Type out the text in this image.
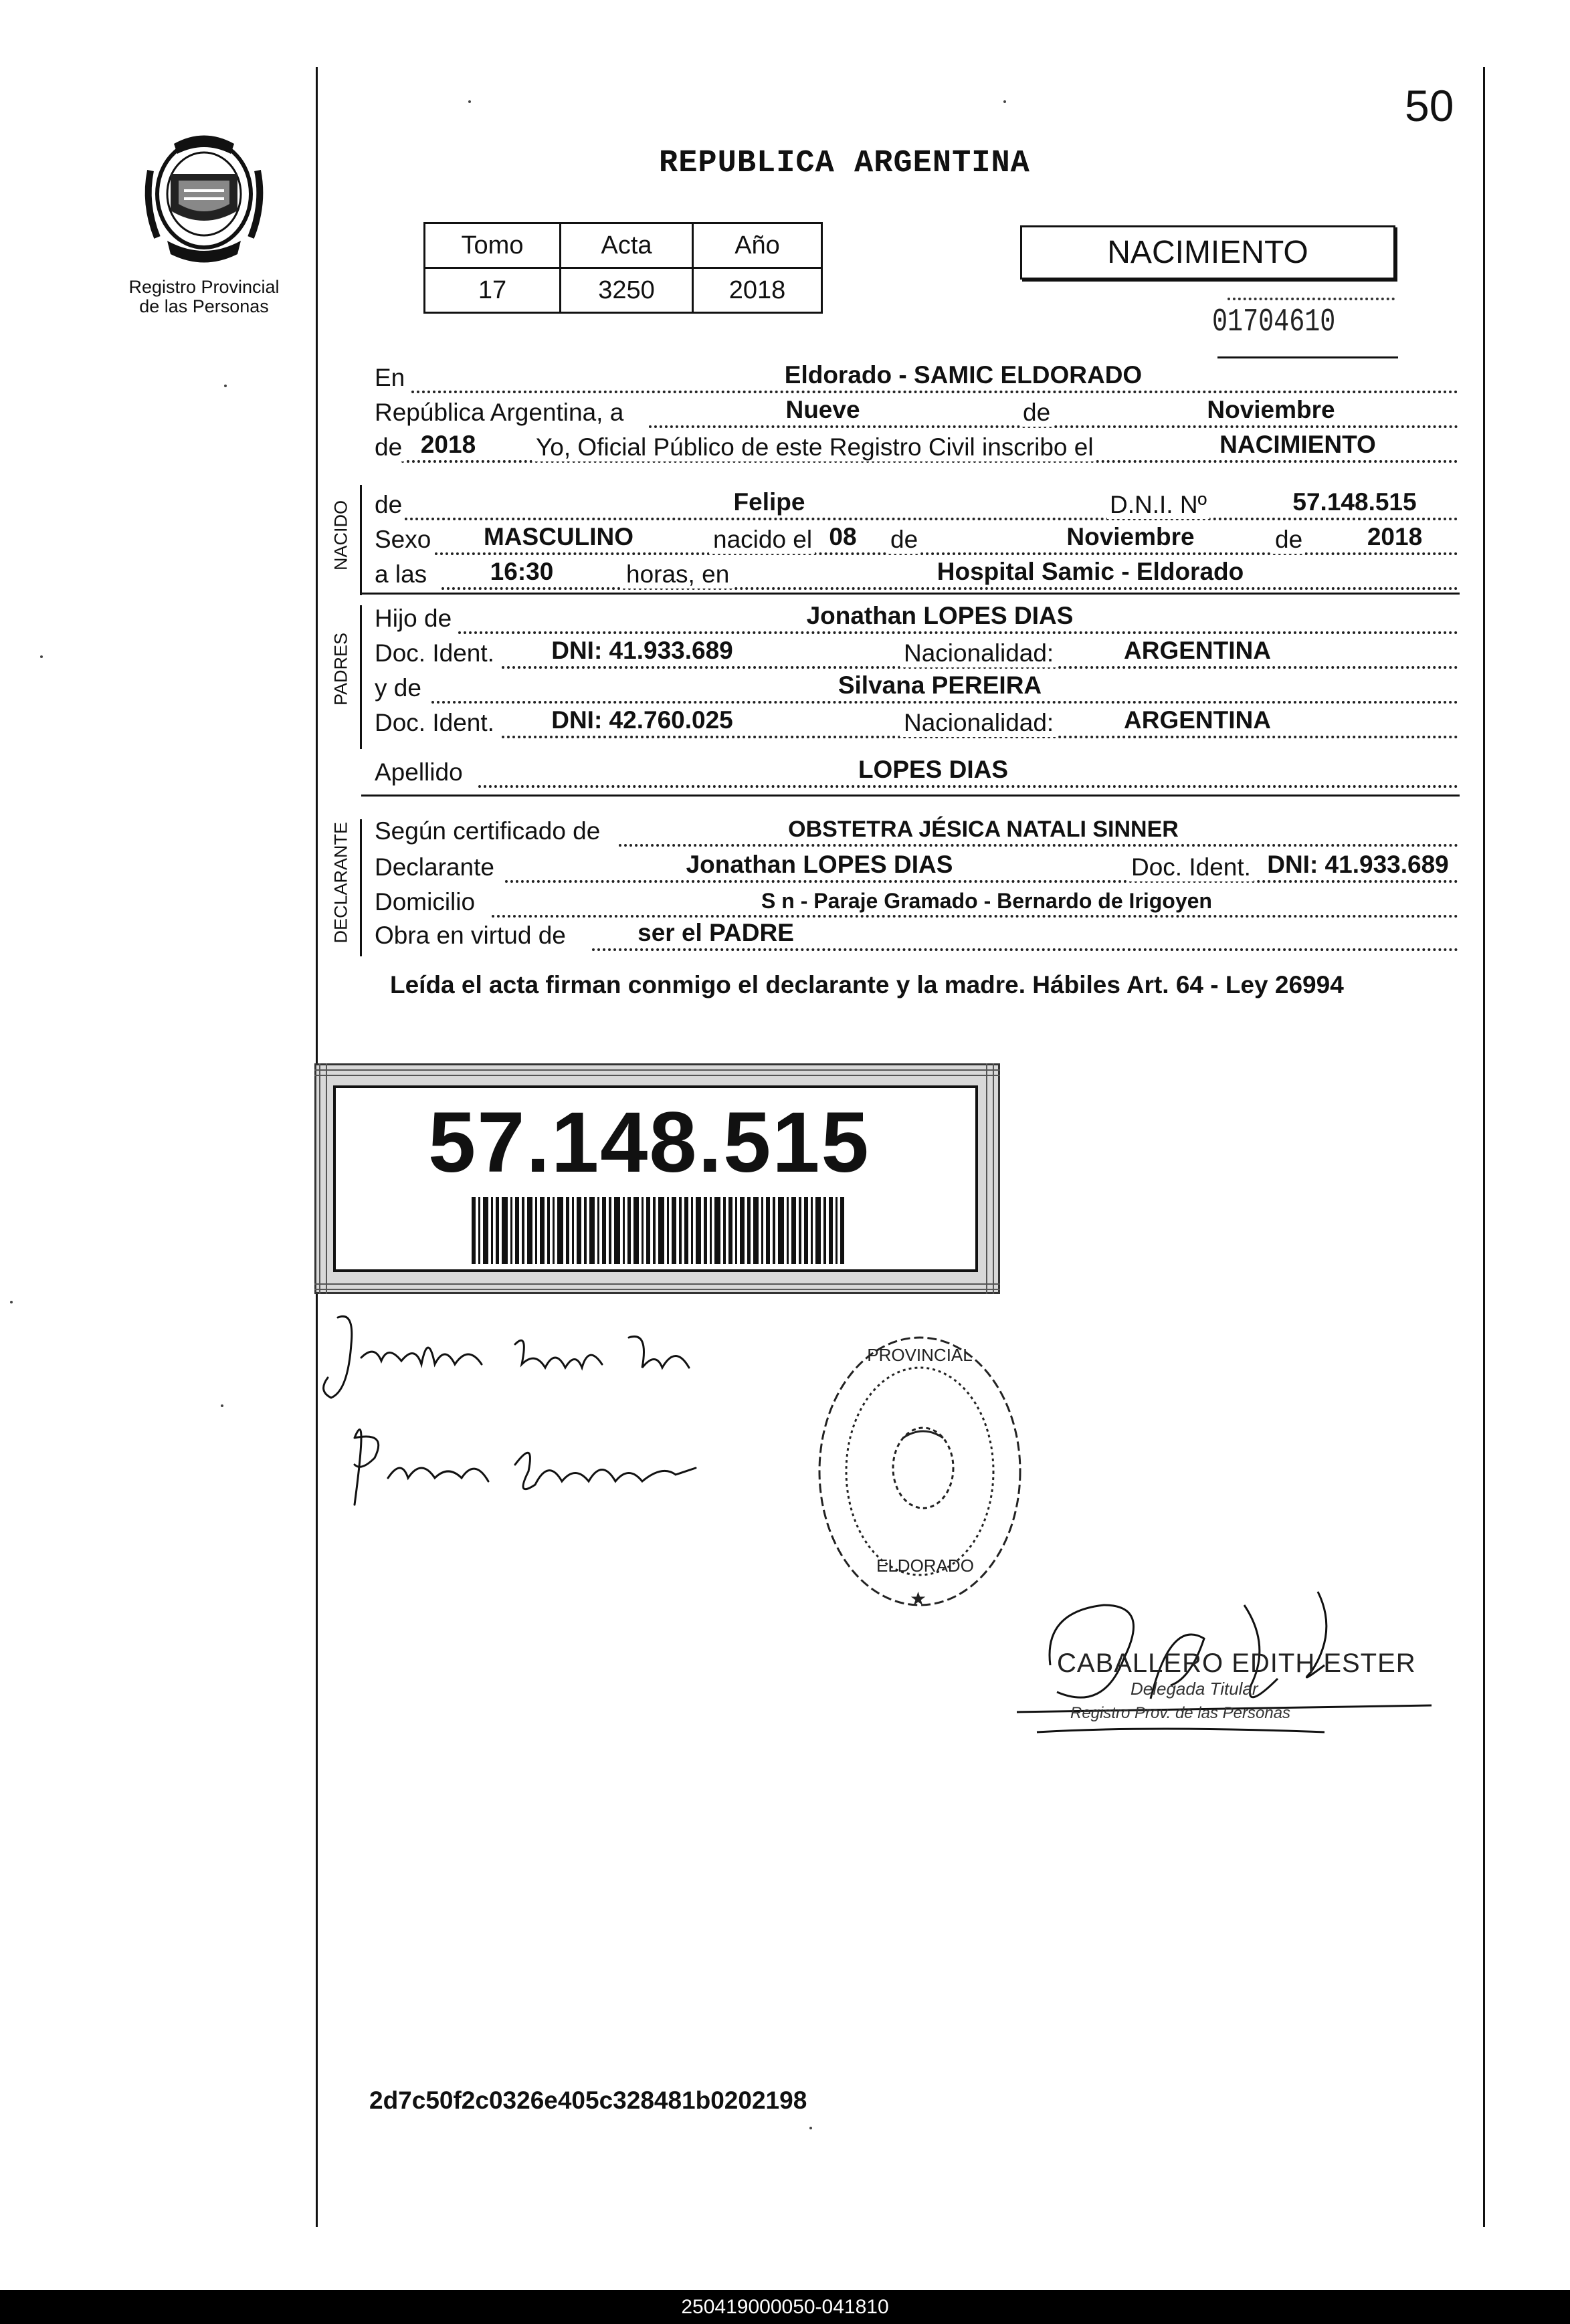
Registro Provincial
de las Personas
50
REPUBLICA ARGENTINA
Tomo	Acta	Año
17	3250	2018
NACIMIENTO
01704610
En	Eldorado - SAMIC ELDORADO
República Argentina, a	Nueve	de	Noviembre
de 2018	Yo, Oficial Público de este Registro Civil inscribo el	NACIMIENTO
NACIDO de	Felipe	D.N.I. Nº	57.148.515
Sexo	MASCULINO	nacido el 08	de	Noviembre	de	2018
a las	16:30	horas, en	Hospital Samic - Eldorado
PADRES
Hijo de	Jonathan LOPES DIAS
Doc. Ident.	DNI: 41.933.689	Nacionalidad:	ARGENTINA
y de	Silvana PEREIRA
Doc. Ident.	DNI: 42.760.025	Nacionalidad:	ARGENTINA
Apellido	LOPES DIAS
DECLARANTE Según certificado de	OBSTETRA JÉSICA NATALI SINNER
Declarante	Jonathan LOPES DIAS	Doc. Ident. DNI: 41.933.689
Domicilio	S n - Paraje Gramado - Bernardo de Irigoyen
Obra en virtud de	ser el PADRE
Leída el acta firman conmigo el declarante y la madre. Hábiles Art. 64 - Ley 26994
57.148.515
PROVINCIAL
ELDORADO
★
CABALLERO EDITH ESTER
Delegada Titular
Registro Prov. de las Personas
2d7c50f2c0326e405c328481b0202198
250419000050-041810
